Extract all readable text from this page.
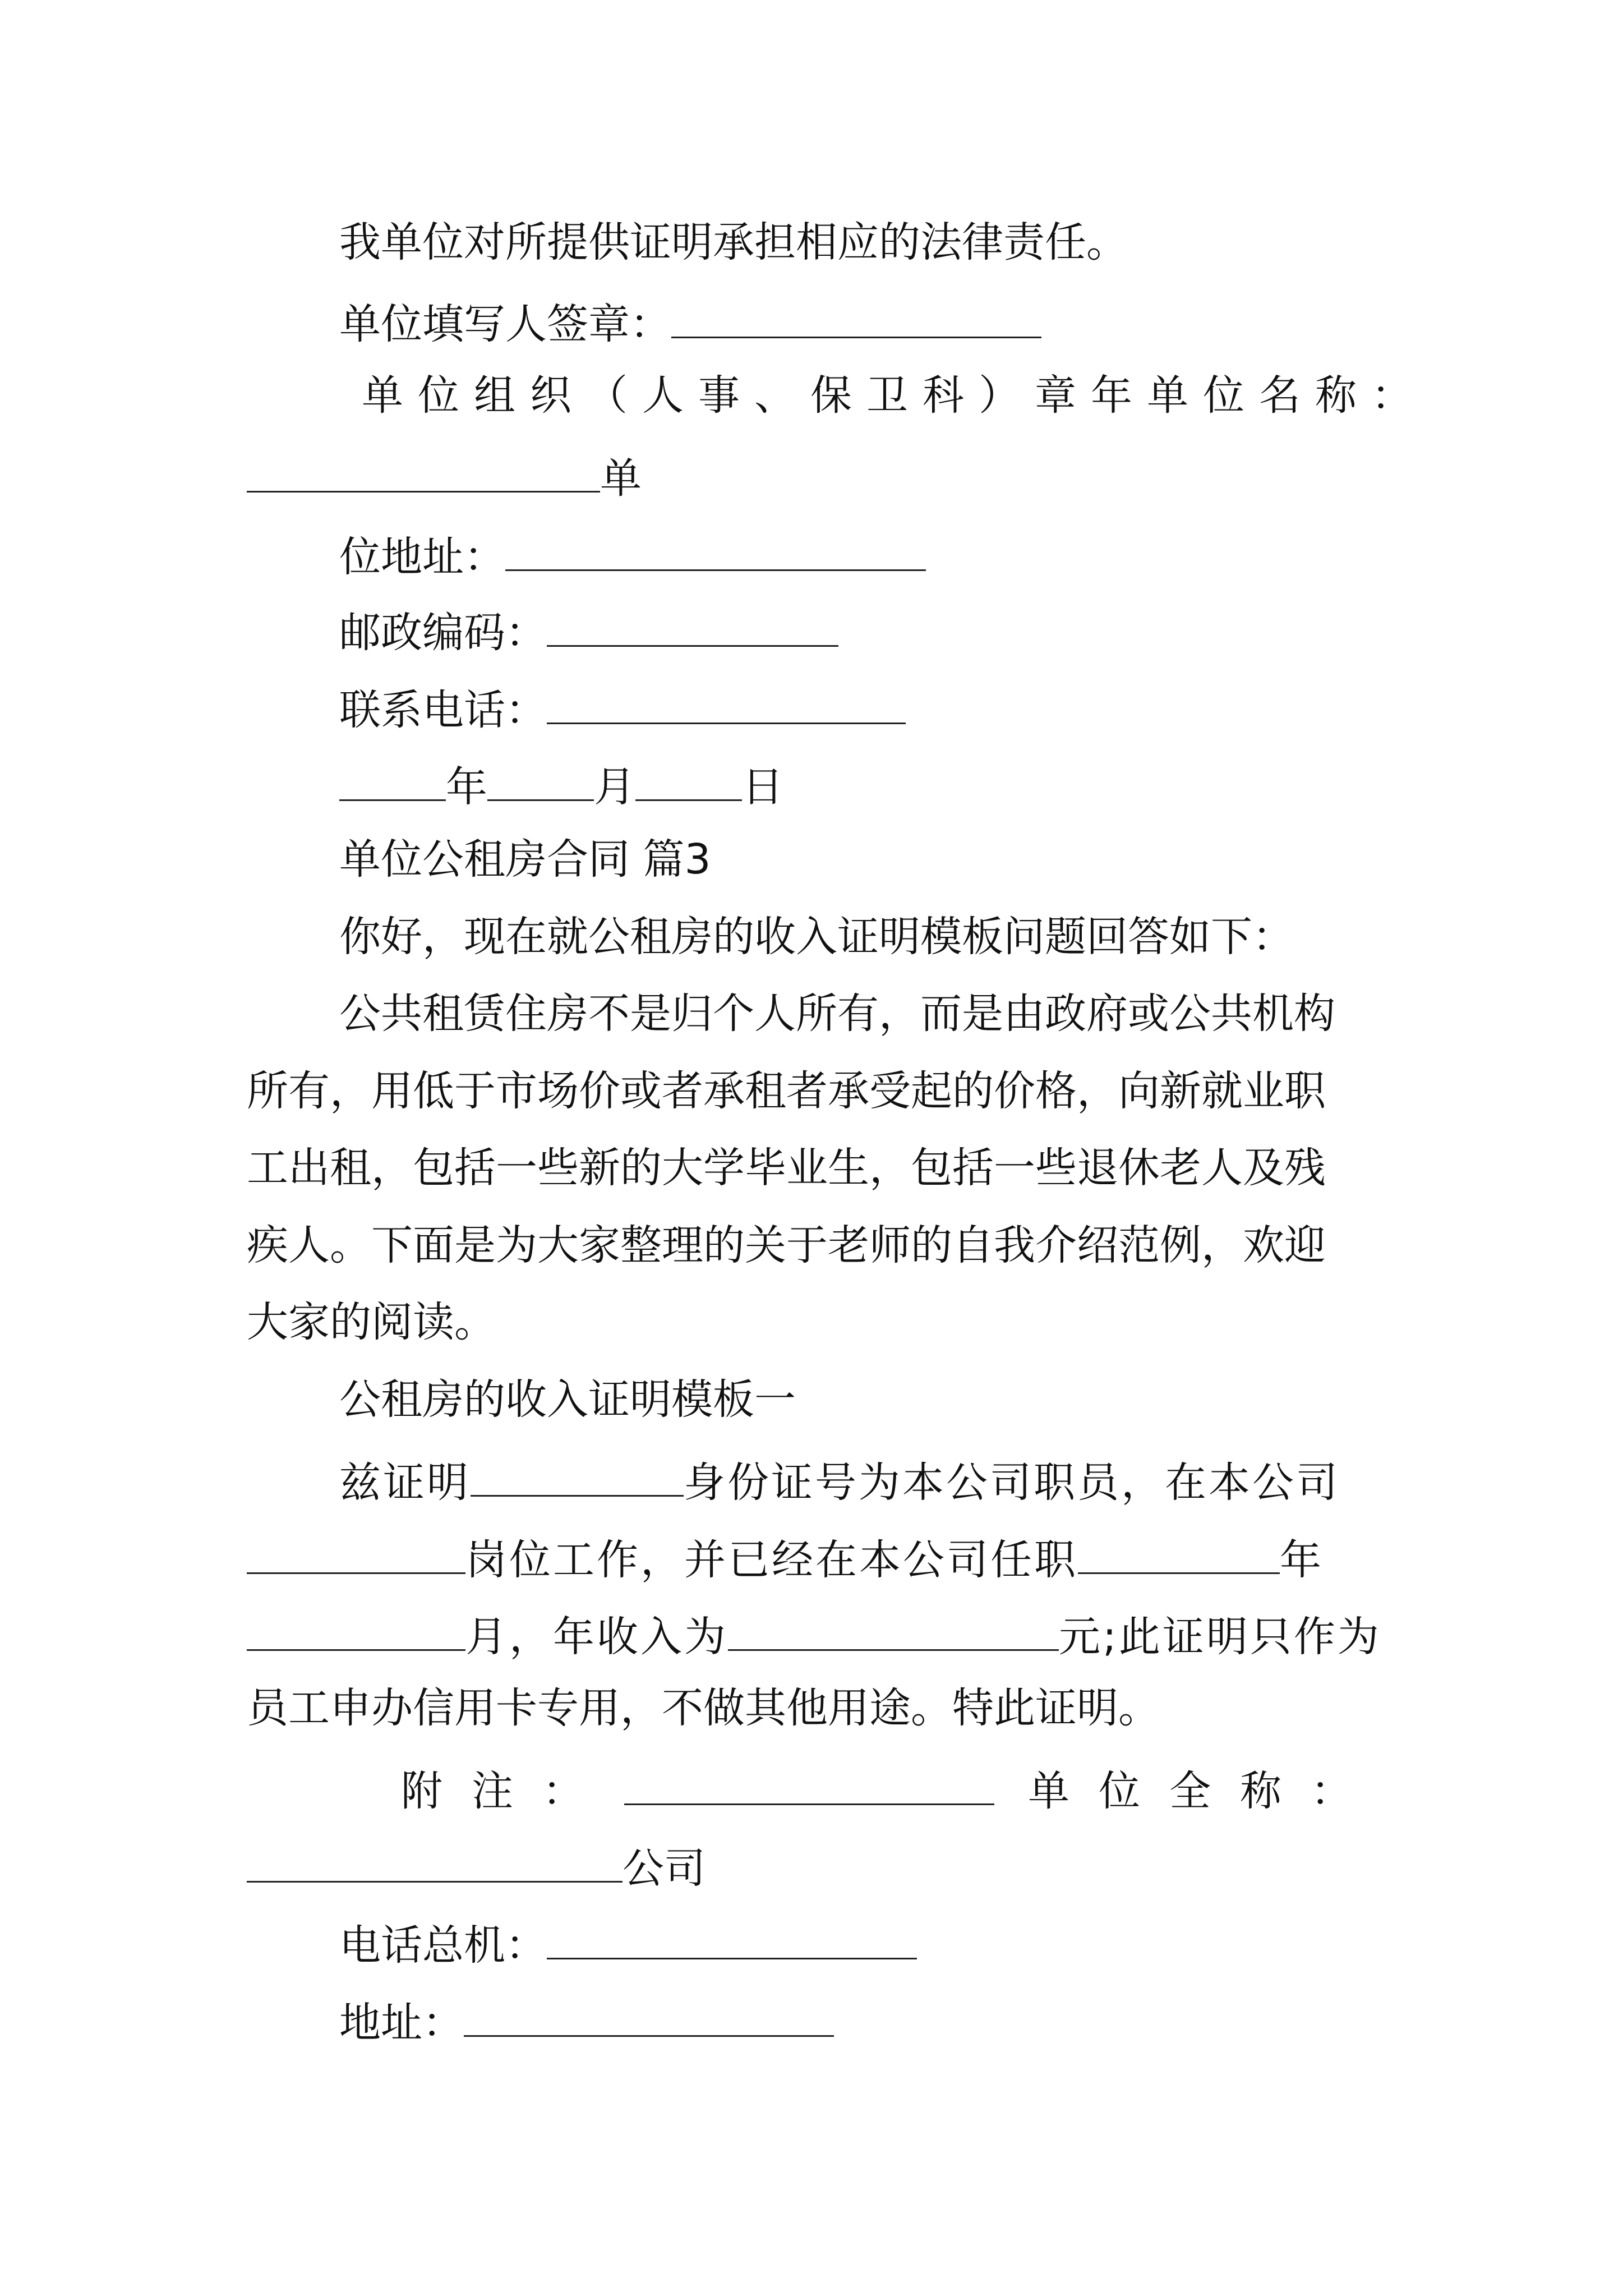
我单位对所提供证明承担相应的法律责任。
单位填写人签章：
单位组织（人事、保卫科）章年单位名称：
单
位地址：
邮政编码：
联系电话：
年	月	日
单位公租房合同 篇3
你好，现在就公租房的收入证明模板问题回答如下：
公共租赁住房不是归个人所有，而是由政府或公共机构
所有，用低于市场价或者承租者承受起的价格，向新就业职
工出租，包括一些新的大学毕业生，包括一些退休老人及残
疾人。下面是为大家整理的关于老师的自我介绍范例，欢迎
大家的阅读。
公租房的收入证明模板一
兹证明	身份证号为本公司职员，在本公司
岗位工作，并已经在本公司任职	年
月，年收入为	元;此证明只作为
员工申办信用卡专用，不做其他用途。特此证明。
附注：	单位全称：
公司
电话总机：
地址：
